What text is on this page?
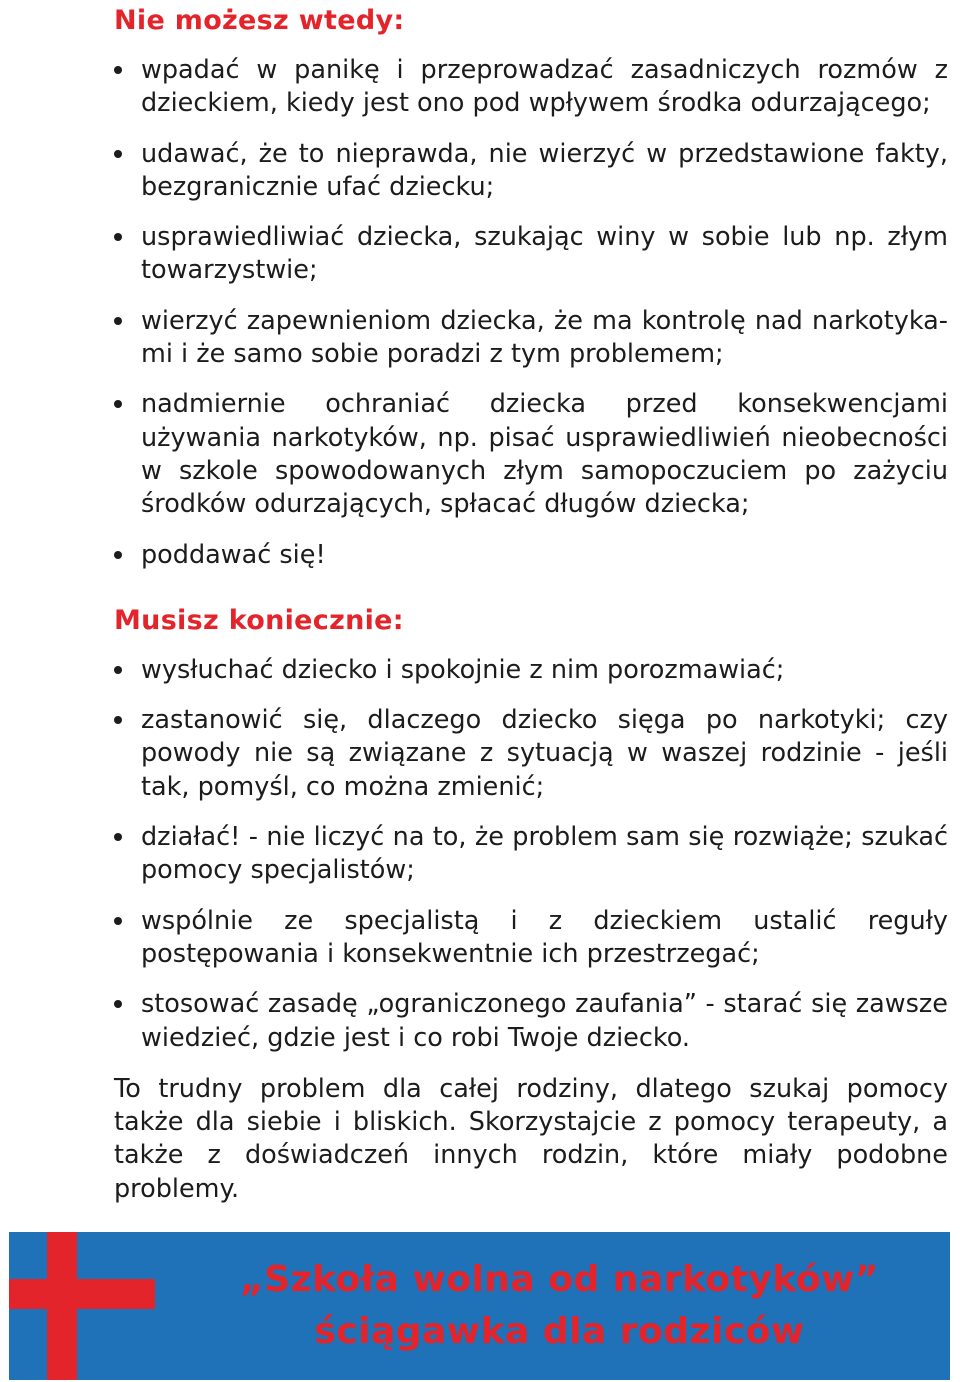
Nie możesz wtedy:
wpadać w panikę i przeprowadzać zasadniczych rozmów z dzieckiem, kiedy jest ono pod wpływem środka odurzającego;
udawać, że to nieprawda, nie wierzyć w przedstawione fakty, bezgranicznie ufać dziecku;
usprawiedliwiać dziecka, szukając winy w sobie lub np. złym towarzystwie;
wierzyć zapewnieniom dziecka, że ma kontrolę nad narkotyka-mi i że samo sobie poradzi z tym problemem;
nadmiernie ochraniać dziecka przed konsekwencjami używania narkotyków, np. pisać usprawiedliwień nieobecności w szkole spowodowanych złym samopoczuciem po zażyciu środków odurzających, spłacać długów dziecka;
poddawać się!
Musisz koniecznie:
wysłuchać dziecko i spokojnie z nim porozmawiać;
zastanowić się, dlaczego dziecko sięga po narkotyki; czy powody nie są związane z sytuacją w waszej rodzinie - jeśli tak, pomyśl, co można zmienić;
działać! - nie liczyć na to, że problem sam się rozwiąże; szukać pomocy specjalistów;
wspólnie ze specjalistą i z dzieckiem ustalić reguły postępowania i konsekwentnie ich przestrzegać;
stosować zasadę „ograniczonego zaufania” - starać się zawsze wiedzieć, gdzie jest i co robi Twoje dziecko.

To trudny problem dla całej rodziny, dlatego szukaj pomocy także dla siebie i bliskich. Skorzystajcie z pomocy terapeuty, a także z doświadczeń innych rodzin, które miały podobne problemy.

„Szkoła wolna od narkotyków”
ściągawka dla rodziców
